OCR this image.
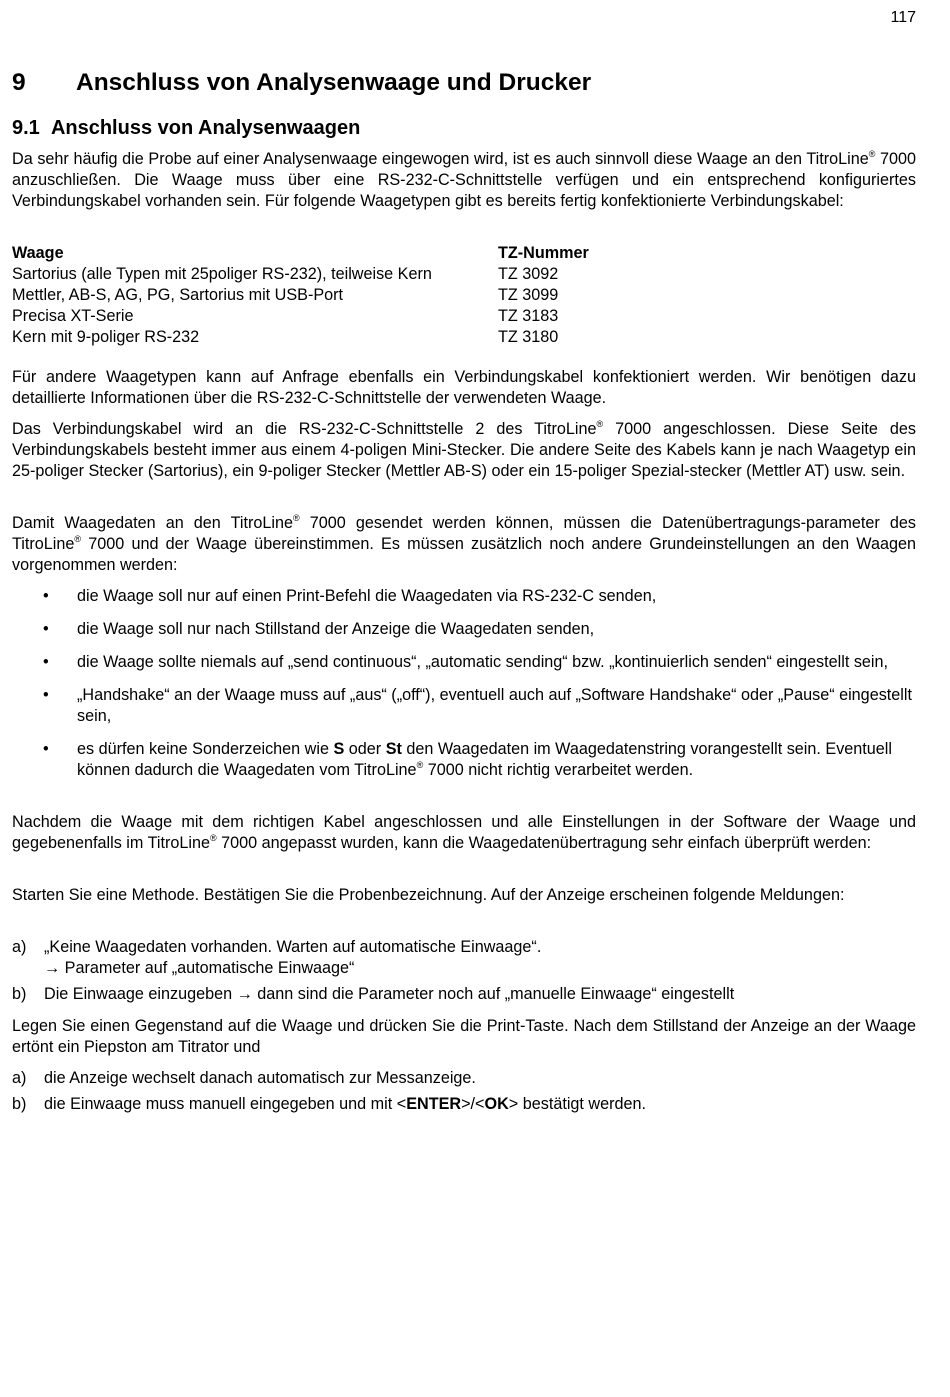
117
9 Anschluss von Analysenwaage und Drucker
9.1 Anschluss von Analysenwaagen

Da sehr häufig die Probe auf einer Analysenwaage eingewogen wird, ist es auch sinnvoll diese Waage an den TitroLine® 7000 anzuschließen. Die Waage muss über eine RS-232-C-Schnittstelle verfügen und ein entsprechend konfiguriertes Verbindungskabel vorhanden sein. Für folgende Waagetypen gibt es bereits fertig konfektionierte Verbindungskabel:

Waage	TZ-Nummer
Sartorius (alle Typen mit 25poliger RS-232), teilweise Kern	TZ 3092
Mettler, AB-S, AG, PG, Sartorius mit USB-Port	TZ 3099
Precisa XT-Serie	TZ 3183
Kern mit 9-poliger RS-232	TZ 3180

Für andere Waagetypen kann auf Anfrage ebenfalls ein Verbindungskabel konfektioniert werden. Wir benötigen dazu detaillierte Informationen über die RS-232-C-Schnittstelle der verwendeten Waage.

Das Verbindungskabel wird an die RS-232-C-Schnittstelle 2 des TitroLine® 7000 angeschlossen. Diese Seite des Verbindungskabels besteht immer aus einem 4-poligen Mini-Stecker. Die andere Seite des Kabels kann je nach Waagetyp ein 25-poliger Stecker (Sartorius), ein 9-poliger Stecker (Mettler AB-S) oder ein 15-poliger Spezial-stecker (Mettler AT) usw. sein.

Damit Waagedaten an den TitroLine® 7000 gesendet werden können, müssen die Datenübertragungs-parameter des TitroLine® 7000 und der Waage übereinstimmen. Es müssen zusätzlich noch andere Grundeinstellungen an den Waagen vorgenommen werden:

• die Waage soll nur auf einen Print-Befehl die Waagedaten via RS-232-C senden,
• die Waage soll nur nach Stillstand der Anzeige die Waagedaten senden,
• die Waage sollte niemals auf „send continuous“, „automatic sending“ bzw. „kontinuierlich senden“ eingestellt sein,
• „Handshake“ an der Waage muss auf „aus“ („off“), eventuell auch auf „Software Handshake“ oder „Pause“ eingestellt sein,
• es dürfen keine Sonderzeichen wie S oder St den Waagedaten im Waagedatenstring vorangestellt sein. Eventuell können dadurch die Waagedaten vom TitroLine® 7000 nicht richtig verarbeitet werden.

Nachdem die Waage mit dem richtigen Kabel angeschlossen und alle Einstellungen in der Software der Waage und gegebenenfalls im TitroLine® 7000 angepasst wurden, kann die Waagedatenübertragung sehr einfach überprüft werden:

Starten Sie eine Methode. Bestätigen Sie die Probenbezeichnung. Auf der Anzeige erscheinen folgende Meldungen:

a)	„Keine Waagedaten vorhanden. Warten auf automatische Einwaage“.
→ Parameter auf „automatische Einwaage“
b)	Die Einwaage einzugeben → dann sind die Parameter noch auf „manuelle Einwaage“ eingestellt

Legen Sie einen Gegenstand auf die Waage und drücken Sie die Print-Taste. Nach dem Stillstand der Anzeige an der Waage ertönt ein Piepston am Titrator und

a)	die Anzeige wechselt danach automatisch zur Messanzeige.
b)	die Einwaage muss manuell eingegeben und mit <ENTER>/<OK> bestätigt werden.
